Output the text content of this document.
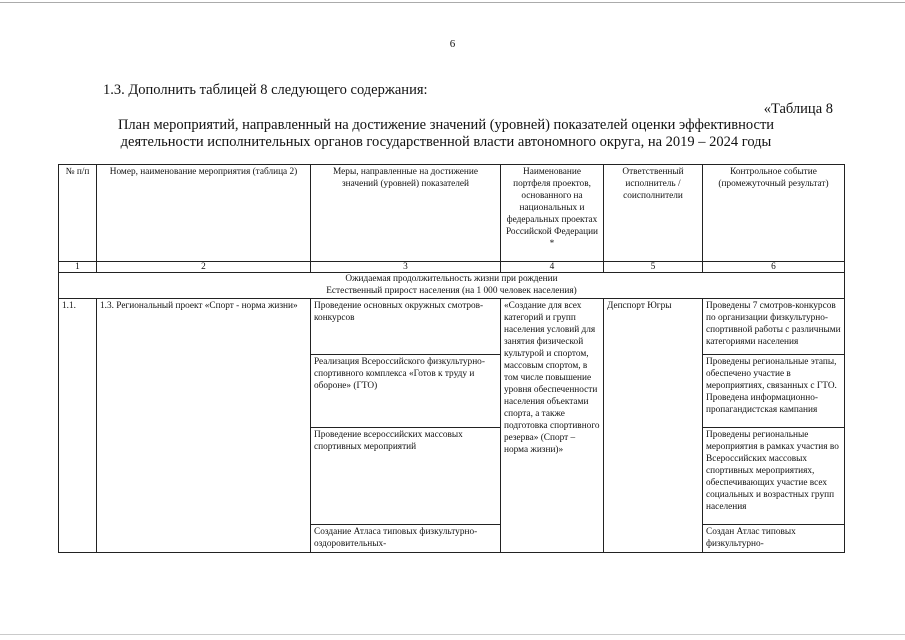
6
1.3. Дополнить таблицей 8 следующего содержания:
«Таблица 8
План мероприятий, направленный на достижение значений (уровней) показателей оценки эффективности
деятельности исполнительных органов государственной власти автономного округа, на 2019 – 2024 годы
№ п/п	Номер, наименование мероприятия (таблица 2)	Меры, направленные на достижение значений (уровней) показателей	Наименование портфеля проектов, основанного на национальных и федеральных проектах Российской Федерации *	Ответственный исполнитель / соисполнители	Контрольное событие (промежуточный результат)
1	2	3	4	5	6

Ожидаемая продолжительность жизни при рождении
Естественный прирост населения (на 1 000 человек населения)					

1.1.	1.3. Региональный проект «Спорт - норма жизни»	Проведение основных окружных смотров-конкурсов	«Создание для всех категорий и групп населения условий для занятия физической культурой и спортом, массовым спортом, в том числе повышение уровня обеспеченности населения объектами спорта, а также подготовка спортивного резерва» (Спорт – норма жизни)»	Депспорт Югры	Проведены 7 смотров-конкурсов по организации физкультурно-спортивной работы с различными категориями населения
		Реализация Всероссийского физкультурно-спортивного комплекса «Готов к труду и обороне» (ГТО)			Проведены региональные этапы, обеспечено участие в мероприятиях, связанных с ГТО. Проведена информационно-пропагандистская кампания
		Проведение всероссийских массовых спортивных мероприятий			Проведены региональные мероприятия в рамках участия во Всероссийских массовых спортивных мероприятиях, обеспечивающих участие всех социальных и возрастных групп населения
		Создание Атласа типовых физкультурно-оздоровительных-			Создан Атлас типовых физкультурно-
